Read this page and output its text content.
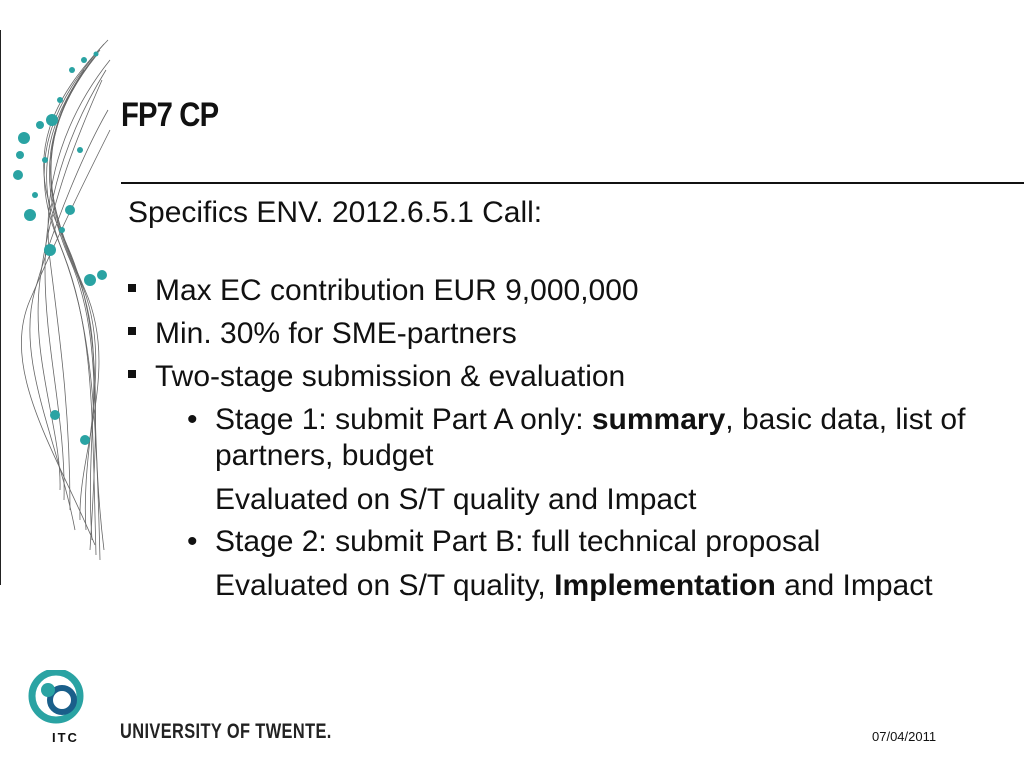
FP7 CP

Specifics ENV. 2012.6.5.1 Call:

Max EC contribution EUR 9,000,000
Min. 30% for SME-partners
Two-stage submission & evaluation
• Stage 1: submit Part A only: summary, basic data, list of partners, budget
Evaluated on S/T quality and Impact
• Stage 2: submit Part B: full technical proposal
Evaluated on S/T quality, Implementation and Impact
ITC UNIVERSITY OF TWENTE.	07/04/2011
